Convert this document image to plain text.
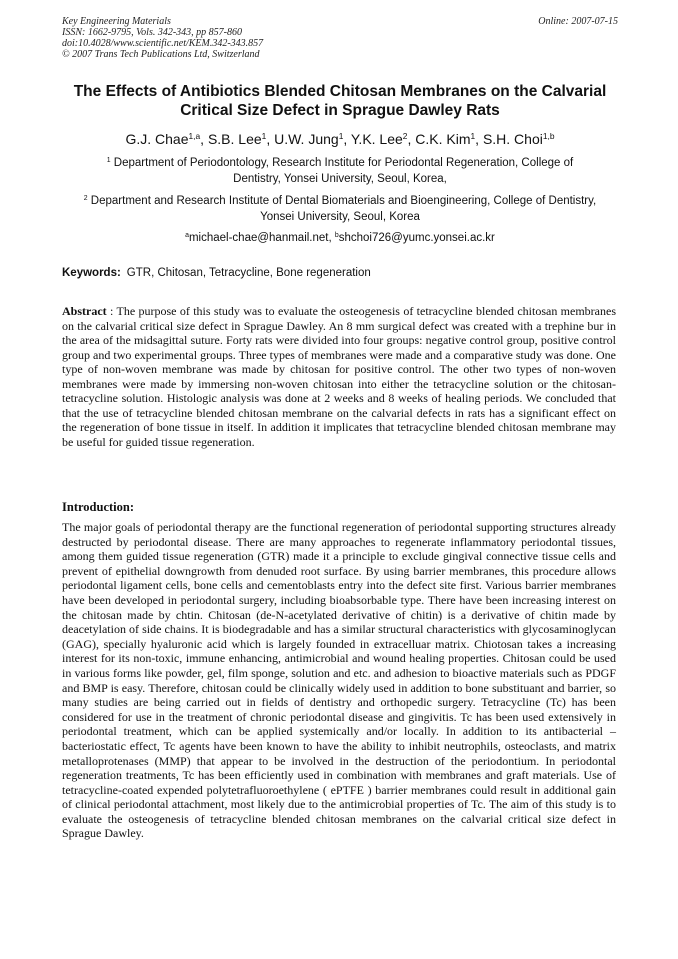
Key Engineering Materials
ISSN: 1662-9795, Vols. 342-343, pp 857-860
doi:10.4028/www.scientific.net/KEM.342-343.857
© 2007 Trans Tech Publications Ltd, Switzerland
Online: 2007-07-15
The Effects of Antibiotics Blended Chitosan Membranes on the Calvarial
Critical Size Defect in Sprague Dawley Rats
G.J. Chae$^{1,a}$, S.B. Lee$^1$, U.W. Jung$^1$, Y.K. Lee$^2$, C.K. Kim$^1$, S.H. Choi$^{1,b}$
$^1$ Department of Periodontology, Research Institute for Periodontal Regeneration, College of
Dentistry, Yonsei University, Seoul, Korea,
$^2$ Department and Research Institute of Dental Biomaterials and Bioengineering, College of Dentistry,
Yonsei University, Seoul, Korea
$^a$michael-chae@hanmail.net, $^b$shchoi726@yumc.yonsei.ac.kr
Keywords: GTR, Chitosan, Tetracycline, Bone regeneration
Abstract : The purpose of this study was to evaluate the osteogenesis of tetracycline blended chitosan membranes on the calvarial critical size defect in Sprague Dawley. An 8 mm surgical defect was created with a trephine bur in the area of the midsagittal suture. Forty rats were divided into four groups: negative control group, positive control group and two experimental groups. Three types of membranes were made and a comparative study was done. One type of non-woven membrane was made by chitosan for positive control. The other two types of non-woven membranes were made by immersing non-woven chitosan into either the tetracycline solution or the chitosan-tetracycline solution. Histologic analysis was done at 2 weeks and 8 weeks of healing periods. We concluded that that the use of tetracycline blended chitosan membrane on the calvarial defects in rats has a significant effect on the regeneration of bone tissue in itself. In addition it implicates that tetracycline blended chitosan membrane may be useful for guided tissue regeneration.
Introduction:
The major goals of periodontal therapy are the functional regeneration of periodontal supporting structures already destructed by periodontal disease. There are many approaches to regenerate inflammatory periodontal tissues, among them guided tissue regeneration (GTR) made it a principle to exclude gingival connective tissue cells and prevent of epithelial downgrowth from denuded root surface. By using barrier membranes, this procedure allows periodontal ligament cells, bone cells and cementoblasts entry into the defect site first. Various barrier membranes have been developed in periodontal surgery, including bioabsorbable type. There have been increasing interest on the chitosan made by chtin. Chitosan (de-N-acetylated derivative of chitin) is a derivative of chitin made by deacetylation of side chains. It is biodegradable and has a similar structural characteristics with glycosaminoglycan (GAG), specially hyaluronic acid which is largely founded in extracelluar matrix. Chiotosan takes a increasing interest for its non-toxic, immune enhancing, antimicrobial and wound healing properties. Chitosan could be used in various forms like powder, gel, film sponge, solution and etc. and adhesion to bioactive materials such as PDGF and BMP is easy. Therefore, chitosan could be clinically widely used in addition to bone substituant and barrier, so many studies are being carried out in fields of dentistry and orthopedic surgery. Tetracycline (Tc) has been considered for use in the treatment of chronic periodontal disease and gingivitis. Tc has been used extensively in periodontal treatment, which can be applied systemically and/or locally. In addition to its antibacterial – bacteriostatic effect, Tc agents have been known to have the ability to inhibit neutrophils, osteoclasts, and matrix metalloprotenases (MMP) that appear to be involved in the destruction of the periodontium. In periodontal regeneration treatments, Tc has been efficiently used in combination with membranes and graft materials. Use of tetracycline-coated expended polytetrafluoroethylene ( ePTFE ) barrier membranes could result in additional gain of clinical periodontal attachment, most likely due to the antimicrobial properties of Tc. The aim of this study is to evaluate the osteogenesis of tetracycline blended chitosan membranes on the calvarial critical size defect in Sprague Dawley.
